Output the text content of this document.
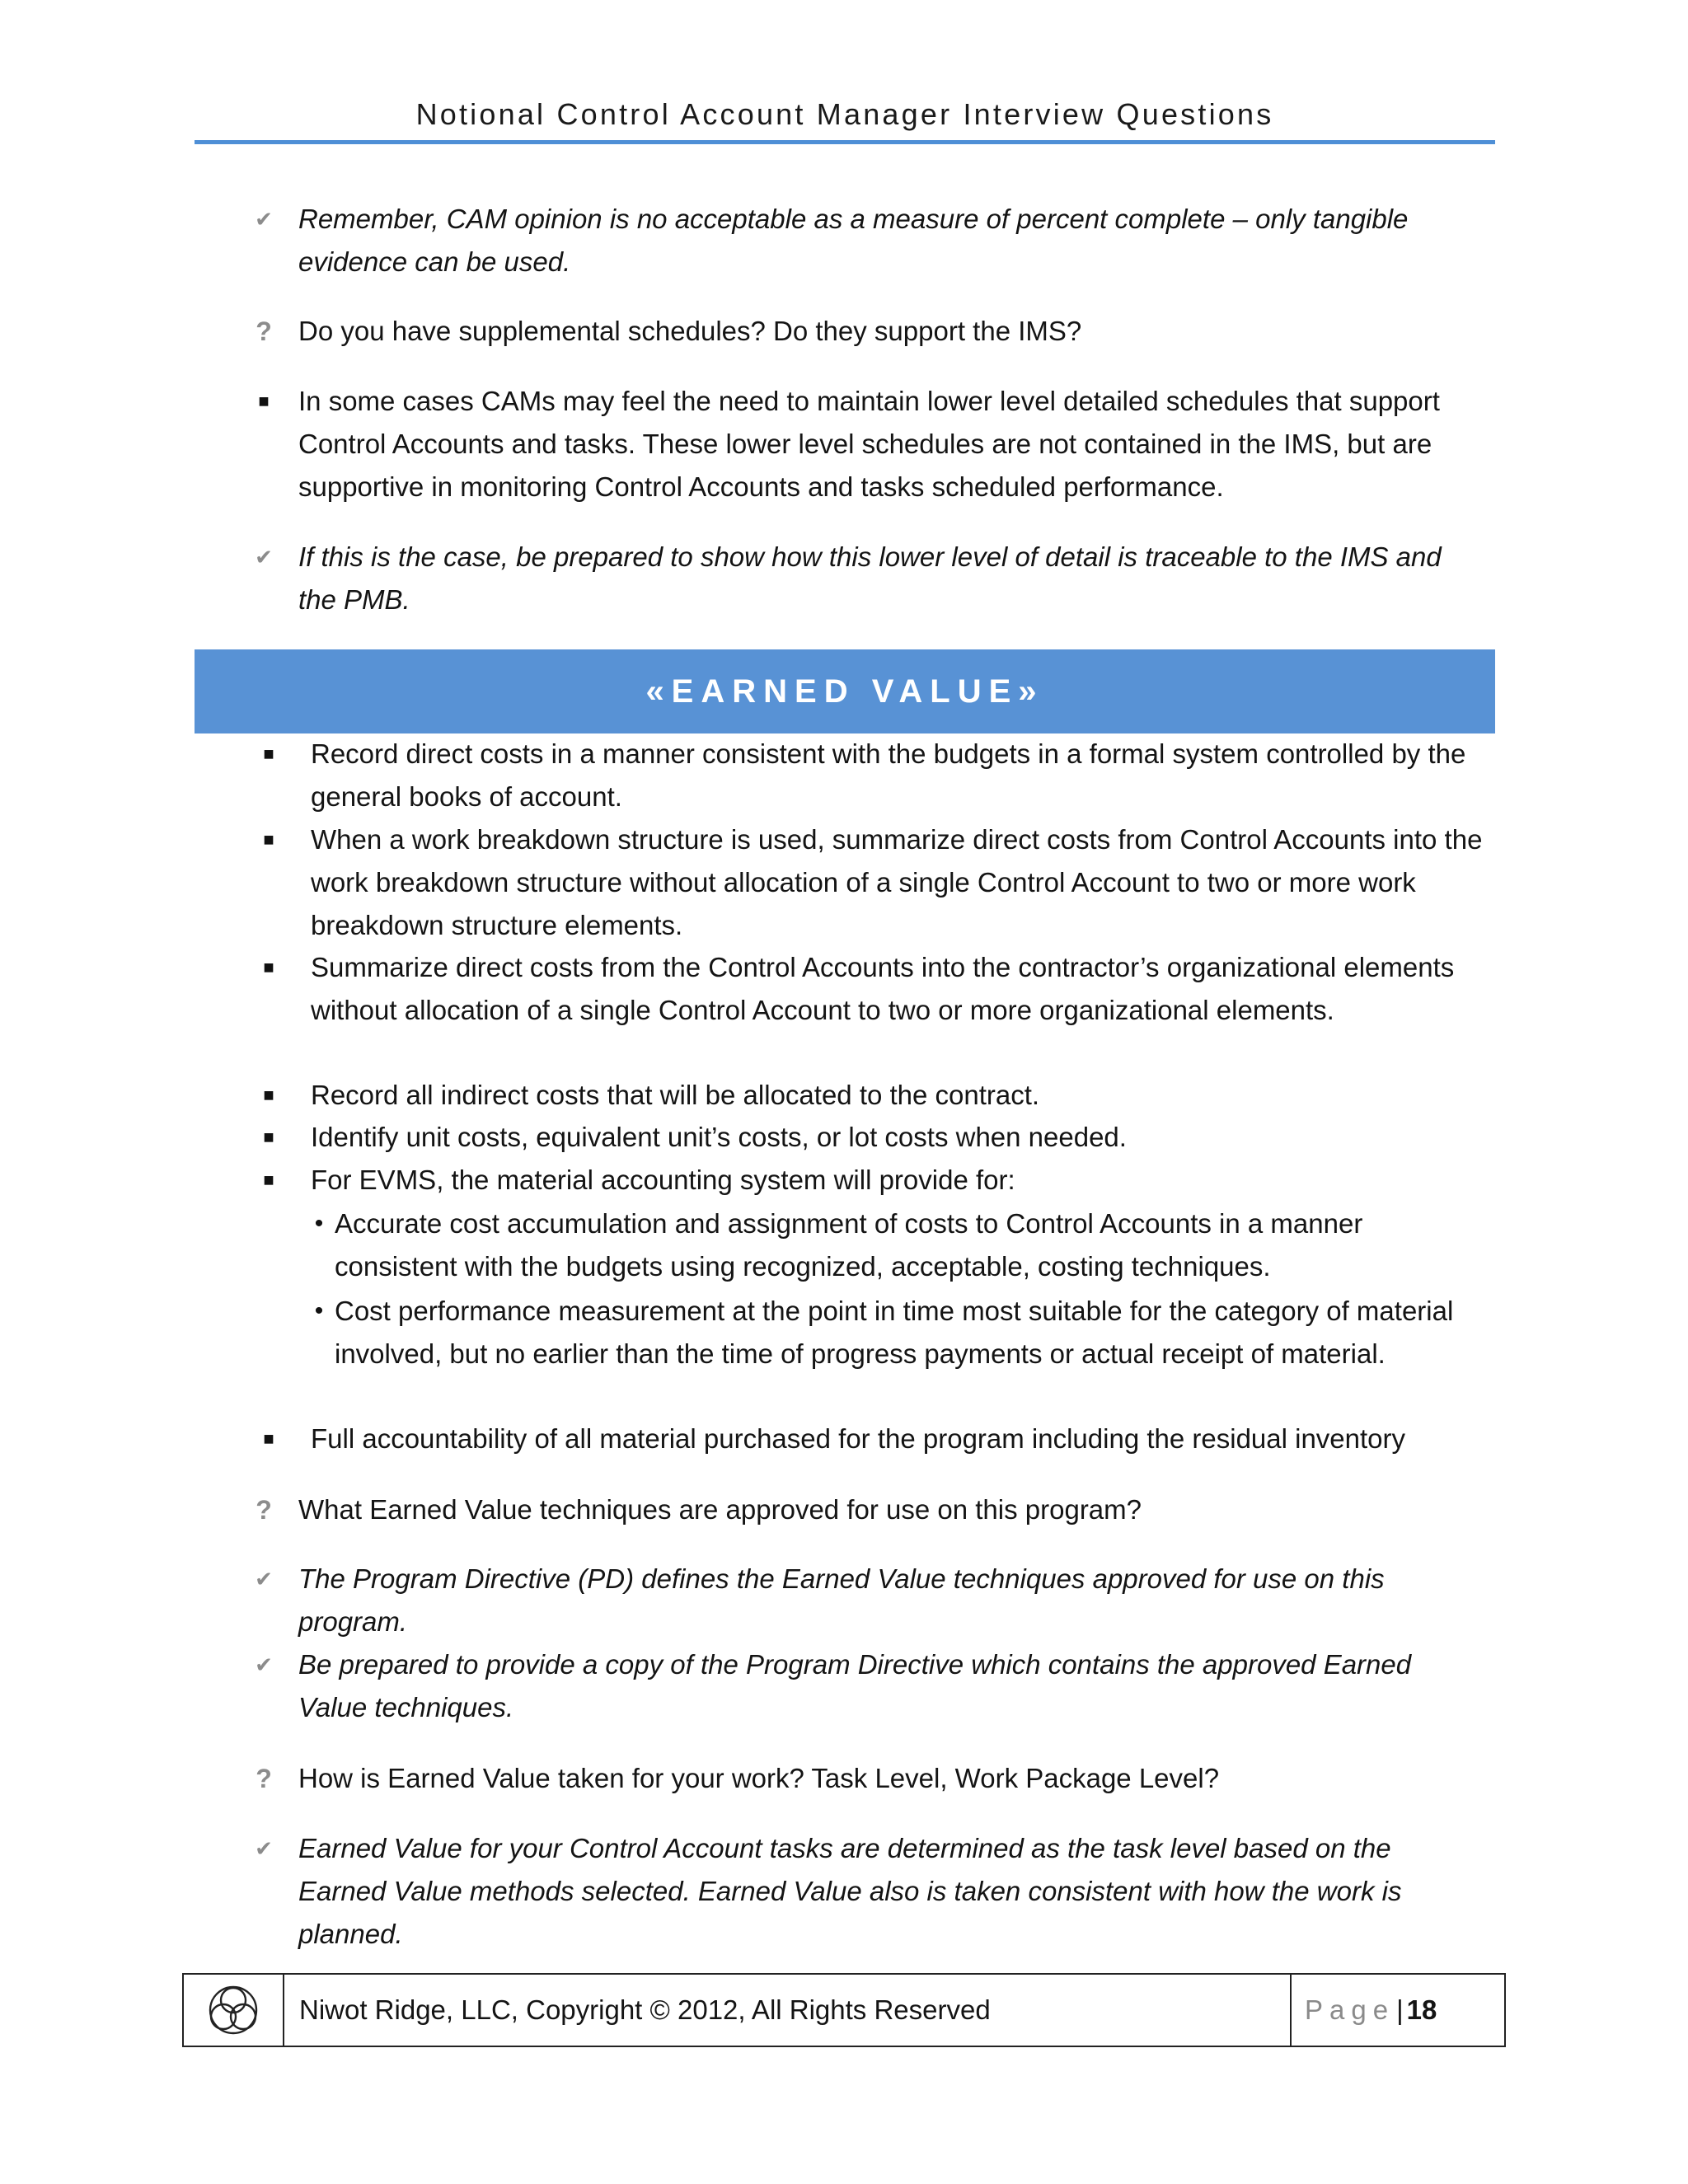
Notional Control Account Manager Interview Questions
✔ Remember, CAM opinion is no acceptable as a measure of percent complete – only tangible evidence can be used.
? Do you have supplemental schedules? Do they support the IMS?
■	In some cases CAMs may feel the need to maintain lower level detailed schedules that support Control Accounts and tasks. These lower level schedules are not contained in the IMS, but are supportive in monitoring Control Accounts and tasks scheduled performance.
✔ If this is the case, be prepared to show how this lower level of detail is traceable to the IMS and the PMB.
«EARNED VALUE»
■	Record direct costs in a manner consistent with the budgets in a formal system controlled by the general books of account.
■	When a work breakdown structure is used, summarize direct costs from Control Accounts into the work breakdown structure without allocation of a single Control Account to two or more work breakdown structure elements.
■	Summarize direct costs from the Control Accounts into the contractor’s organizational elements without allocation of a single Control Account to two or more organizational elements.
■	Record all indirect costs that will be allocated to the contract.
■	Identify unit costs, equivalent unit’s costs, or lot costs when needed.
■	For EVMS, the material accounting system will provide for:
• Accurate cost accumulation and assignment of costs to Control Accounts in a manner consistent with the budgets using recognized, acceptable, costing techniques.
• Cost performance measurement at the point in time most suitable for the category of material involved, but no earlier than the time of progress payments or actual receipt of material.
■	Full accountability of all material purchased for the program including the residual inventory
? What Earned Value techniques are approved for use on this program?
✔ The Program Directive (PD) defines the Earned Value techniques approved for use on this program.
✔ Be prepared to provide a copy of the Program Directive which contains the approved Earned Value techniques.
? How is Earned Value taken for your work? Task Level, Work Package Level?
✔ Earned Value for your Control Account tasks are determined as the task level based on the Earned Value methods selected. Earned Value also is taken consistent with how the work is planned.
Niwot Ridge, LLC, Copyright © 2012, All Rights Reserved	Page| 18
